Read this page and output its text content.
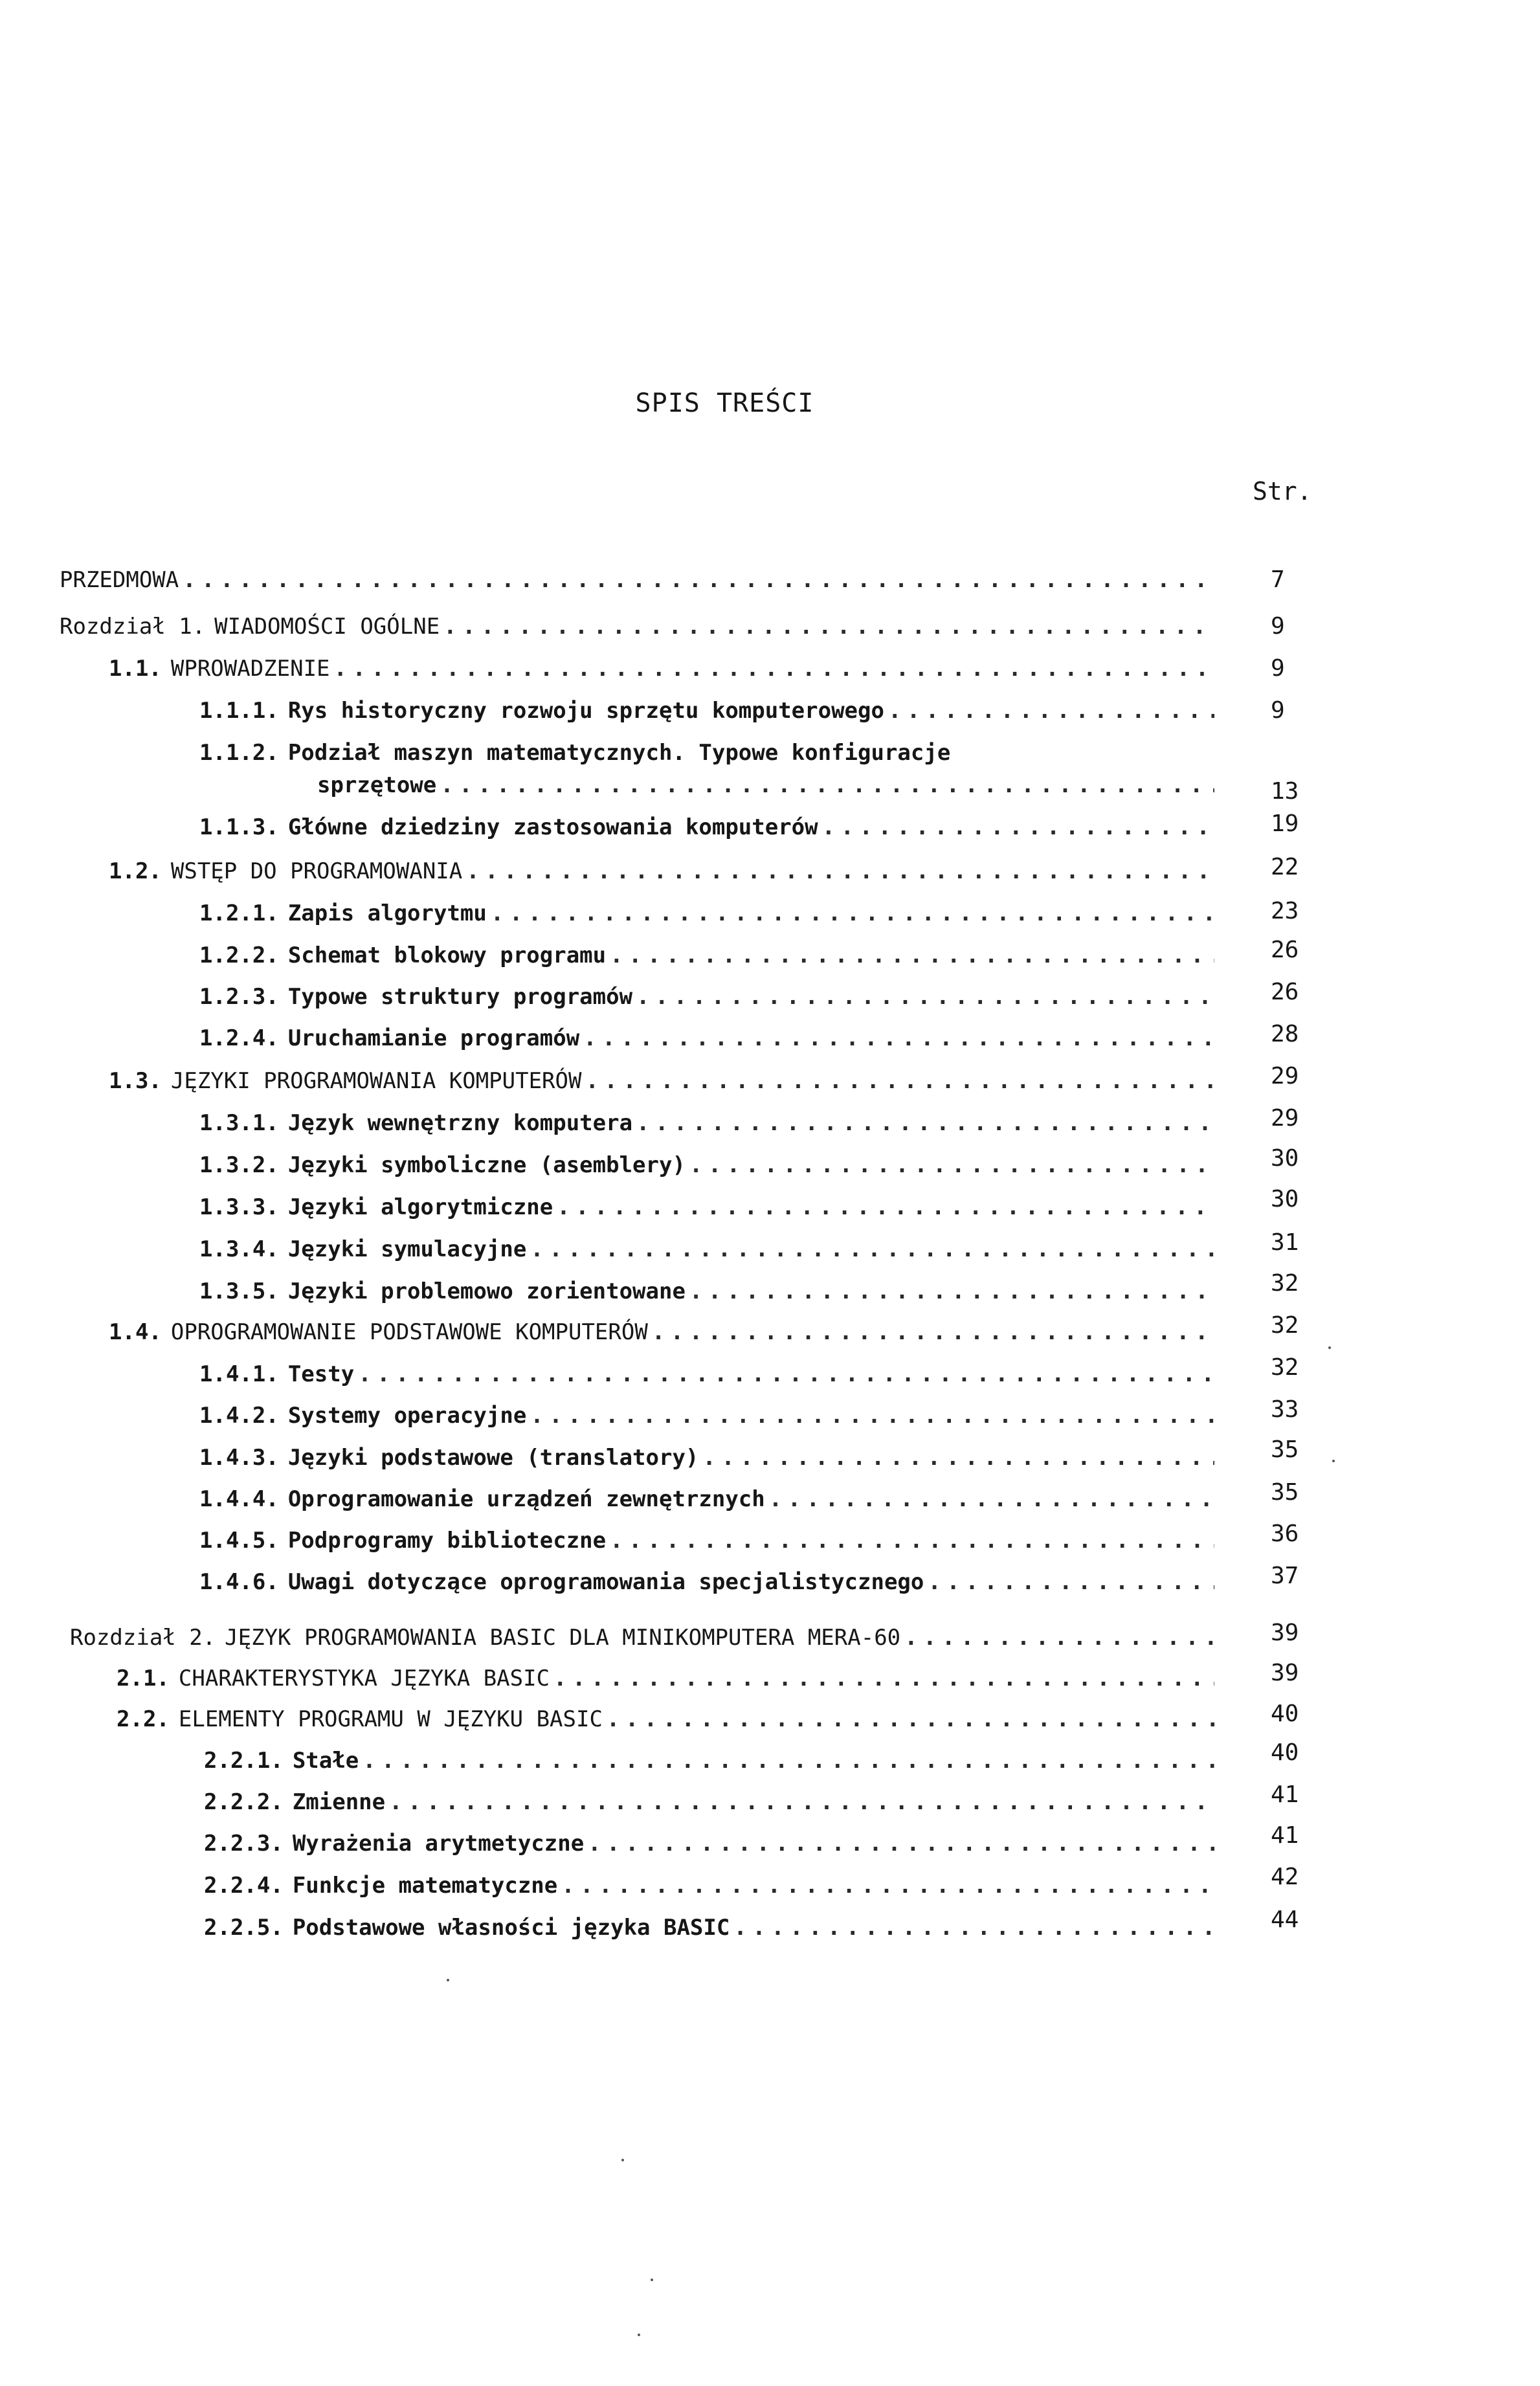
SPIS TREŚCI
Str.
PRZEDMOWA . . .	7
Rozdział 1. WIADOMOŚCI OGÓLNE . . .	9
1.1. WPROWADZENIE . . .	9
1.1.1. Rys historyczny rozwoju sprzętu komputerowego . . .	9
1.1.2. Podział maszyn matematycznych. Typowe konfiguracje
sprzętowe . . .	13
1.1.3. Główne dziedziny zastosowania komputerów . . .	19
1.2. WSTĘP DO PROGRAMOWANIA . . .	22
1.2.1. Zapis algorytmu . . .	23
1.2.2. Schemat blokowy programu . . .	26
1.2.3. Typowe struktury programów . . .	26
1.2.4. Uruchamianie programów . . .	28
1.3. JĘZYKI PROGRAMOWANIA KOMPUTERÓW . . .	29
1.3.1. Język wewnętrzny komputera . . .	29
1.3.2. Języki symboliczne (asemblery) . . .	30
1.3.3. Języki algorytmiczne . . .	30
1.3.4. Języki symulacyjne . . .	31
1.3.5. Języki problemowo zorientowane . . .	32
1.4. OPROGRAMOWANIE PODSTAWOWE KOMPUTERÓW . . .	32
1.4.1. Testy . . .	32
1.4.2. Systemy operacyjne . . .	33
1.4.3. Języki podstawowe (translatory) . . .	35
1.4.4. Oprogramowanie urządzeń zewnętrznych . . .	35
1.4.5. Podprogramy biblioteczne . . .	36
1.4.6. Uwagi dotyczące oprogramowania specjalistycznego . . .	37
Rozdział 2. JĘZYK PROGRAMOWANIA BASIC DLA MINIKOMPUTERA MERA-60 . . .	39
2.1. CHARAKTERYSTYKA JĘZYKA BASIC . . .	39
2.2. ELEMENTY PROGRAMU W JĘZYKU BASIC . . .	40
2.2.1. Stałe . . .	40
2.2.2. Zmienne . . .	41
2.2.3. Wyrażenia arytmetyczne . . .	41
2.2.4. Funkcje matematyczne . . .	42
2.2.5. Podstawowe własności języka BASIC . . .	44
